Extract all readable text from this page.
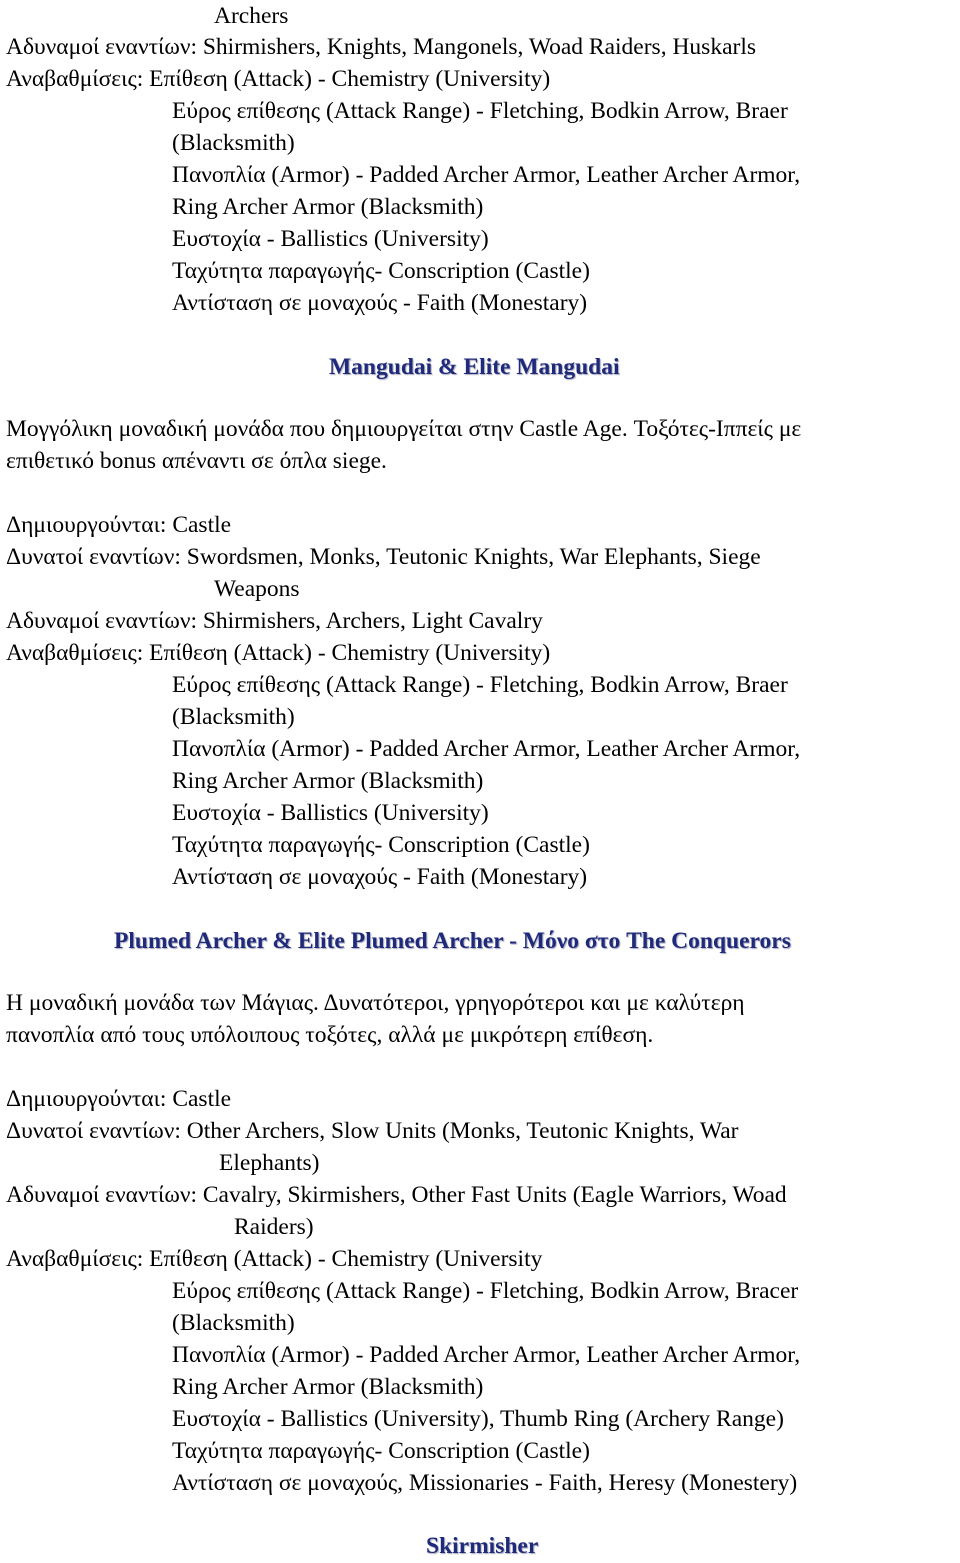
Archers
Αδυναμοί εναντίων: Shirmishers, Knights, Mangonels, Woad Raiders, Huskarls
Αναβαθμίσεις: Επίθεση (Attack) - Chemistry (University)
Εύρος επίθεσης (Attack Range) - Fletching, Bodkin Arrow, Braer
(Blacksmith)
Πανοπλία (Armor) - Padded Archer Armor, Leather Archer Armor,
Ring Archer Armor (Blacksmith)
Ευστοχία - Ballistics (University)
Ταχύτητα παραγωγής- Conscription (Castle)
Αντίσταση σε μοναχούς - Faith (Monestary)
Mangudai & Elite Mangudai
Μογγόλικη μοναδική μονάδα που δημιουργείται στην Castle Age. Τοξότες-Ιππείς με
επιθετικό bonus απέναντι σε όπλα siege.
Δημιουργούνται: Castle
Δυνατοί εναντίων: Swordsmen, Monks, Teutonic Knights, War Elephants, Siege
Weapons
Αδυναμοί εναντίων: Shirmishers, Archers, Light Cavalry
Αναβαθμίσεις: Επίθεση (Attack) - Chemistry (University)
Εύρος επίθεσης (Attack Range) - Fletching, Bodkin Arrow, Braer
(Blacksmith)
Πανοπλία (Armor) - Padded Archer Armor, Leather Archer Armor,
Ring Archer Armor (Blacksmith)
Ευστοχία - Ballistics (University)
Ταχύτητα παραγωγής- Conscription (Castle)
Αντίσταση σε μοναχούς - Faith (Monestary)
Plumed Archer & Elite Plumed Archer - Μόνο στο The Conquerors
Η μοναδική μονάδα των Μάγιας. Δυνατότεροι, γρηγορότεροι και με καλύτερη
πανοπλία από τους υπόλοιπους τοξότες, αλλά με μικρότερη επίθεση.
Δημιουργούνται: Castle
Δυνατοί εναντίων: Other Archers, Slow Units (Monks, Teutonic Knights, War
Elephants)
Αδυναμοί εναντίων: Cavalry, Skirmishers, Other Fast Units (Eagle Warriors, Woad
Raiders)
Αναβαθμίσεις: Επίθεση (Attack) - Chemistry (University
Εύρος επίθεσης (Attack Range) - Fletching, Bodkin Arrow, Bracer
(Blacksmith)
Πανοπλία (Armor) - Padded Archer Armor, Leather Archer Armor,
Ring Archer Armor (Blacksmith)
Ευστοχία - Ballistics (University), Thumb Ring (Archery Range)
Ταχύτητα παραγωγής- Conscription (Castle)
Αντίσταση σε μοναχούς, Missionaries - Faith, Heresy (Monestery)
Skirmisher
